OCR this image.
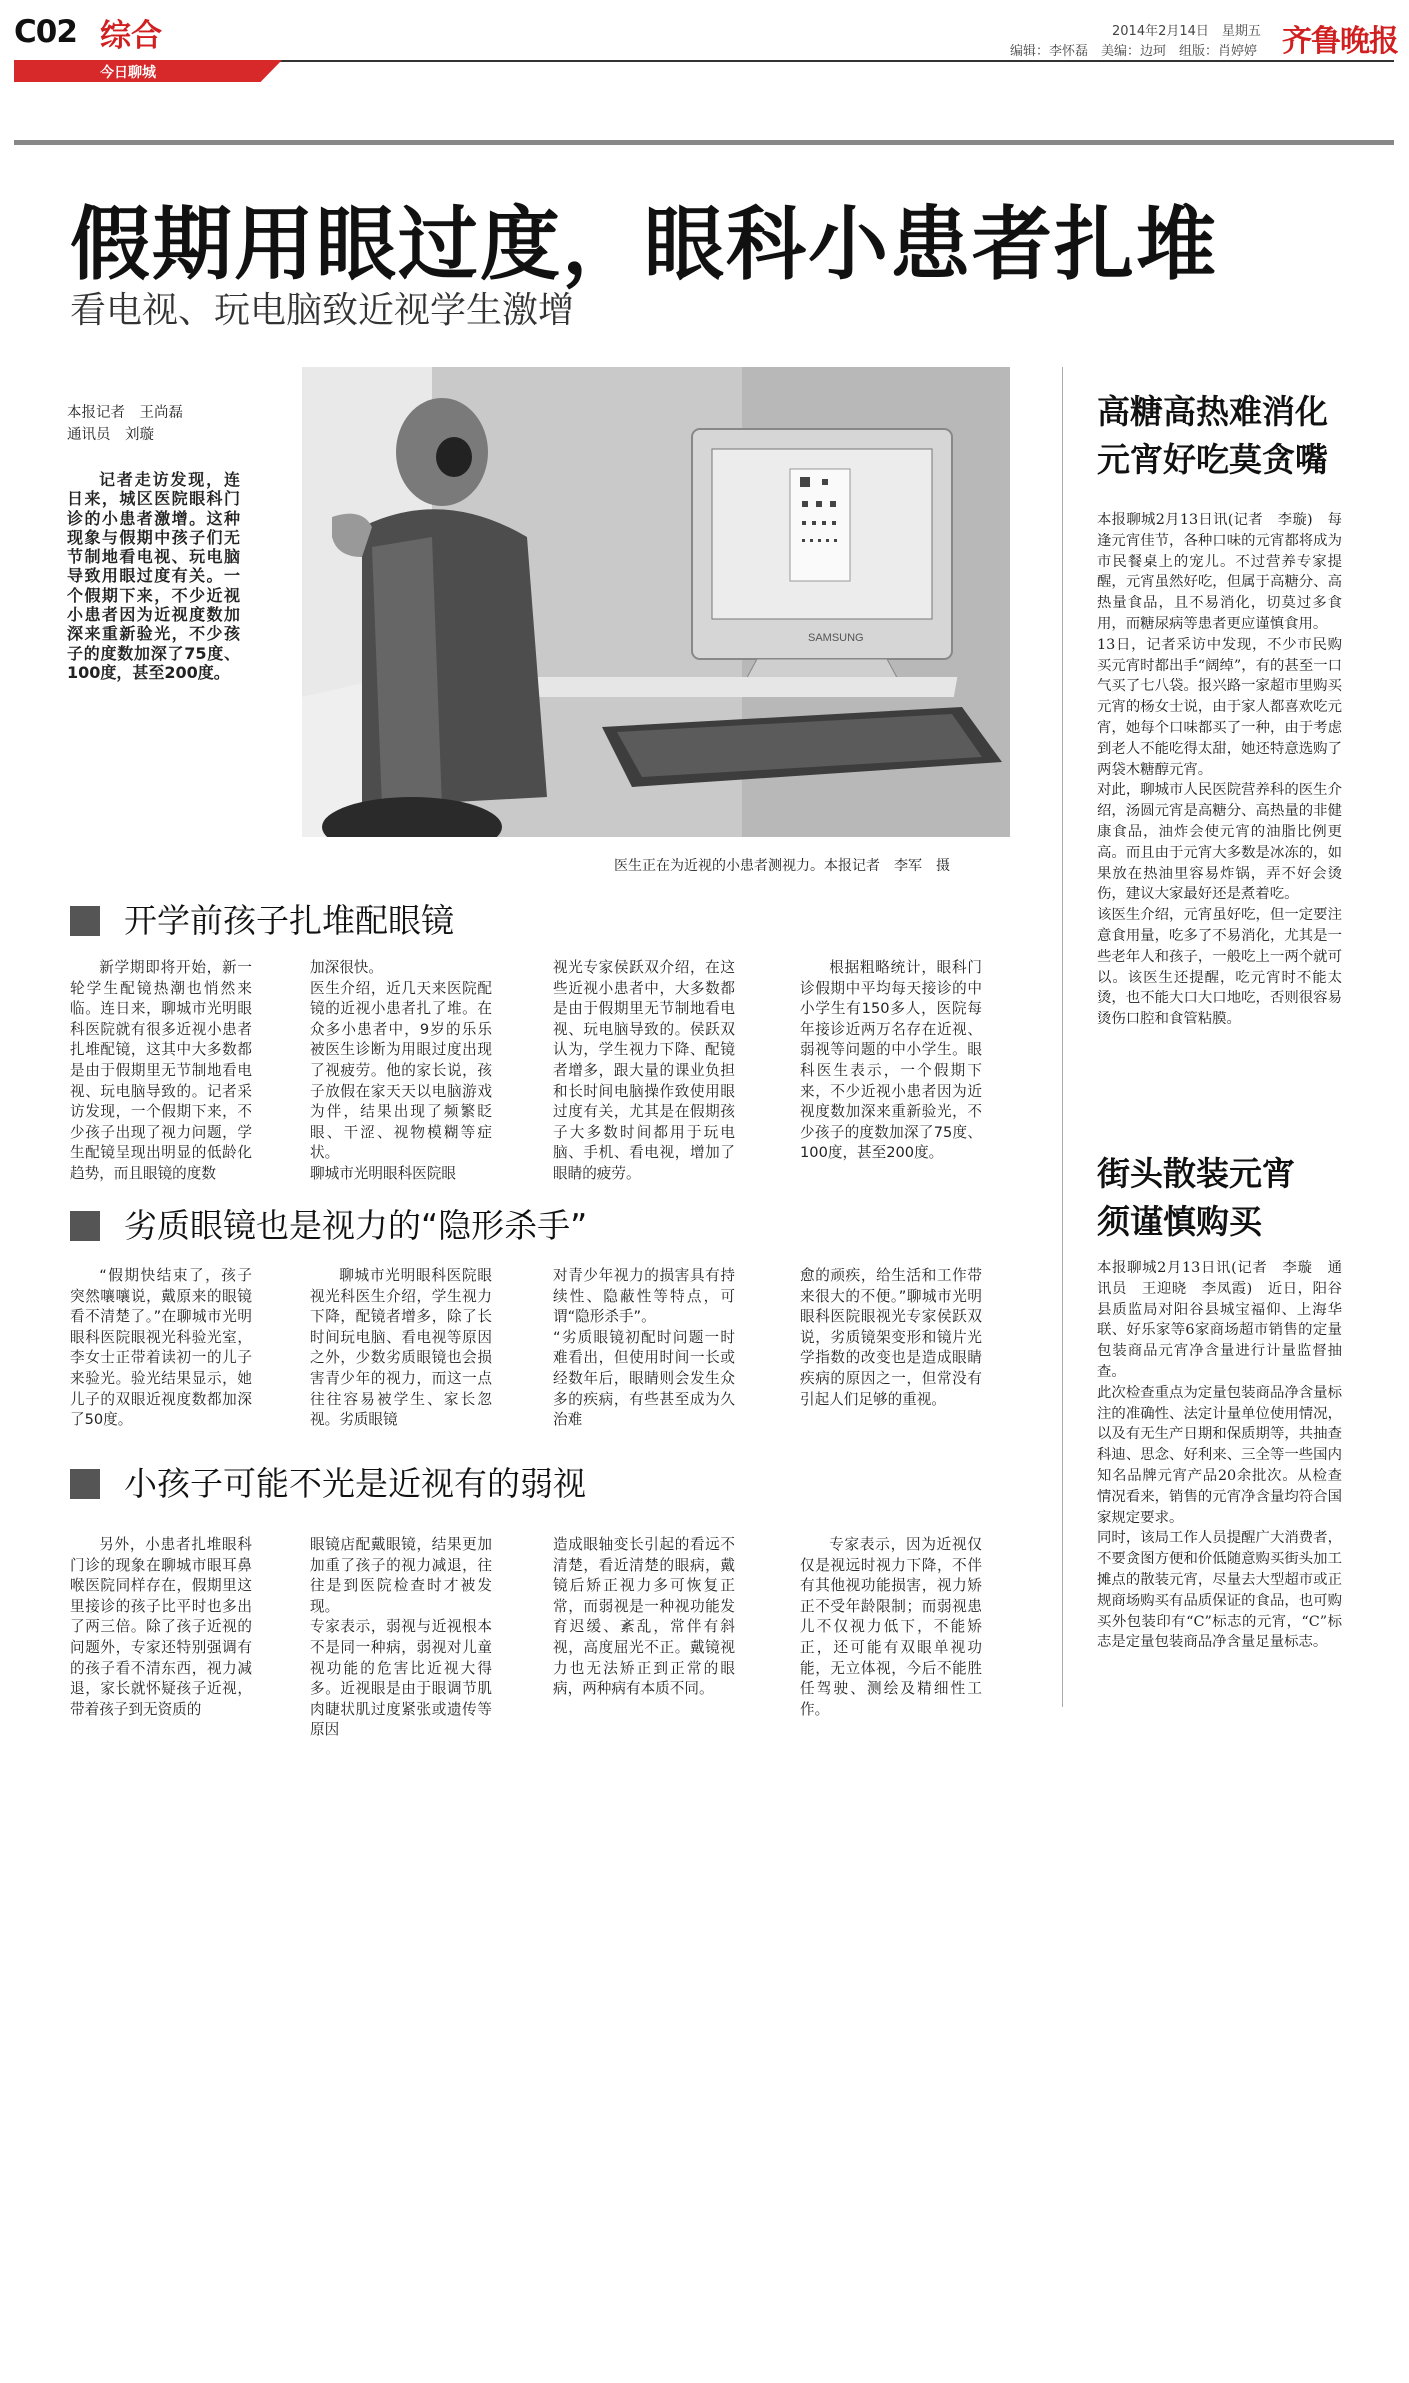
C02 综合
今日聊城
2014年2月14日　星期五
编辑：李怀磊　美编：边珂　组版：肖婷婷 齐鲁晚报
假期用眼过度，眼科小患者扎堆
看电视、玩电脑致近视学生激增
本报记者　王尚磊
通讯员　刘璇

记者走访发现，连日来，城区医院眼科门诊的小患者激增。这种现象与假期中孩子们无节制地看电视、玩电脑导致用眼过度有关。一个假期下来，不少近视小患者因为近视度数加深来重新验光，不少孩子的度数加深了75度、100度，甚至200度。

SAMSUNG
医生正在为近视的小患者测视力。本报记者　李军　摄
开学前孩子扎堆配眼镜

新学期即将开始，新一轮学生配镜热潮也悄然来临。连日来，聊城市光明眼科医院就有很多近视小患者扎堆配镜，这其中大多数都是由于假期里无节制地看电视、玩电脑导致的。记者采访发现，一个假期下来，不少孩子出现了视力问题，学生配镜呈现出明显的低龄化趋势，而且眼镜的度数

加深很快。
医生介绍，近几天来医院配镜的近视小患者扎了堆。在众多小患者中，9岁的乐乐被医生诊断为用眼过度出现了视疲劳。他的家长说，孩子放假在家天天以电脑游戏为伴，结果出现了频繁眨眼、干涩、视物模糊等症状。
聊城市光明眼科医院眼

视光专家侯跃双介绍，在这些近视小患者中，大多数都是由于假期里无节制地看电视、玩电脑导致的。侯跃双认为，学生视力下降、配镜者增多，跟大量的课业负担和长时间电脑操作致使用眼过度有关，尤其是在假期孩子大多数时间都用于玩电脑、手机、看电视，增加了眼睛的疲劳。

根据粗略统计，眼科门诊假期中平均每天接诊的中小学生有150多人，医院每年接诊近两万名存在近视、弱视等问题的中小学生。眼科医生表示，一个假期下来，不少近视小患者因为近视度数加深来重新验光，不少孩子的度数加深了75度、100度，甚至200度。

劣质眼镜也是视力的“隐形杀手”

“假期快结束了，孩子突然嚷嚷说，戴原来的眼镜看不清楚了。”在聊城市光明眼科医院眼视光科验光室，李女士正带着读初一的儿子来验光。验光结果显示，她儿子的双眼近视度数都加深了50度。

聊城市光明眼科医院眼视光科医生介绍，学生视力下降，配镜者增多，除了长时间玩电脑、看电视等原因之外，少数劣质眼镜也会损害青少年的视力，而这一点往往容易被学生、家长忽视。劣质眼镜

对青少年视力的损害具有持续性、隐蔽性等特点，可谓“隐形杀手”。
“劣质眼镜初配时问题一时难看出，但使用时间一长或经数年后，眼睛则会发生众多的疾病，有些甚至成为久治难

愈的顽疾，给生活和工作带来很大的不便。”聊城市光明眼科医院眼视光专家侯跃双说，劣质镜架变形和镜片光学指数的改变也是造成眼睛疾病的原因之一，但常没有引起人们足够的重视。

小孩子可能不光是近视有的弱视

另外，小患者扎堆眼科门诊的现象在聊城市眼耳鼻喉医院同样存在，假期里这里接诊的孩子比平时也多出了两三倍。除了孩子近视的问题外，专家还特别强调有的孩子看不清东西，视力减退，家长就怀疑孩子近视，带着孩子到无资质的

眼镜店配戴眼镜，结果更加加重了孩子的视力减退，往往是到医院检查时才被发现。
专家表示，弱视与近视根本不是同一种病，弱视对儿童视功能的危害比近视大得多。近视眼是由于眼调节肌肉睫状肌过度紧张或遗传等原因

造成眼轴变长引起的看远不清楚，看近清楚的眼病，戴镜后矫正视力多可恢复正常，而弱视是一种视功能发育迟缓、紊乱，常伴有斜视，高度屈光不正。戴镜视力也无法矫正到正常的眼病，两种病有本质不同。

专家表示，因为近视仅仅是视远时视力下降，不伴有其他视功能损害，视力矫正不受年龄限制；而弱视患儿不仅视力低下，不能矫正，还可能有双眼单视功能，无立体视，今后不能胜任驾驶、测绘及精细性工作。

高糖高热难消化
元宵好吃莫贪嘴
本报聊城2月13日讯(记者　李璇)　每逢元宵佳节，各种口味的元宵都将成为市民餐桌上的宠儿。不过营养专家提醒，元宵虽然好吃，但属于高糖分、高热量食品，且不易消化，切莫过多食用，而糖尿病等患者更应谨慎食用。
13日，记者采访中发现，不少市民购买元宵时都出手“阔绰”，有的甚至一口气买了七八袋。报兴路一家超市里购买元宵的杨女士说，由于家人都喜欢吃元宵，她每个口味都买了一种，由于考虑到老人不能吃得太甜，她还特意选购了两袋木糖醇元宵。
对此，聊城市人民医院营养科的医生介绍，汤圆元宵是高糖分、高热量的非健康食品，油炸会使元宵的油脂比例更高。而且由于元宵大多数是冰冻的，如果放在热油里容易炸锅，弄不好会烫伤，建议大家最好还是煮着吃。
该医生介绍，元宵虽好吃，但一定要注意食用量，吃多了不易消化，尤其是一些老年人和孩子，一般吃上一两个就可以。该医生还提醒，吃元宵时不能太烫，也不能大口大口地吃，否则很容易烫伤口腔和食管粘膜。
街头散装元宵
须谨慎购买
本报聊城2月13日讯(记者　李璇　通讯员　王迎晓　李凤霞)　近日，阳谷县质监局对阳谷县城宝福仰、上海华联、好乐家等6家商场超市销售的定量包装商品元宵净含量进行计量监督抽查。
此次检查重点为定量包装商品净含量标注的准确性、法定计量单位使用情况，以及有无生产日期和保质期等，共抽查科迪、思念、好利来、三全等一些国内知名品牌元宵产品20余批次。从检查情况看来，销售的元宵净含量均符合国家规定要求。
同时，该局工作人员提醒广大消费者，不要贪图方便和价低随意购买街头加工摊点的散装元宵，尽量去大型超市或正规商场购买有品质保证的食品，也可购买外包装印有“C”标志的元宵，“C”标志是定量包装商品净含量足量标志。
